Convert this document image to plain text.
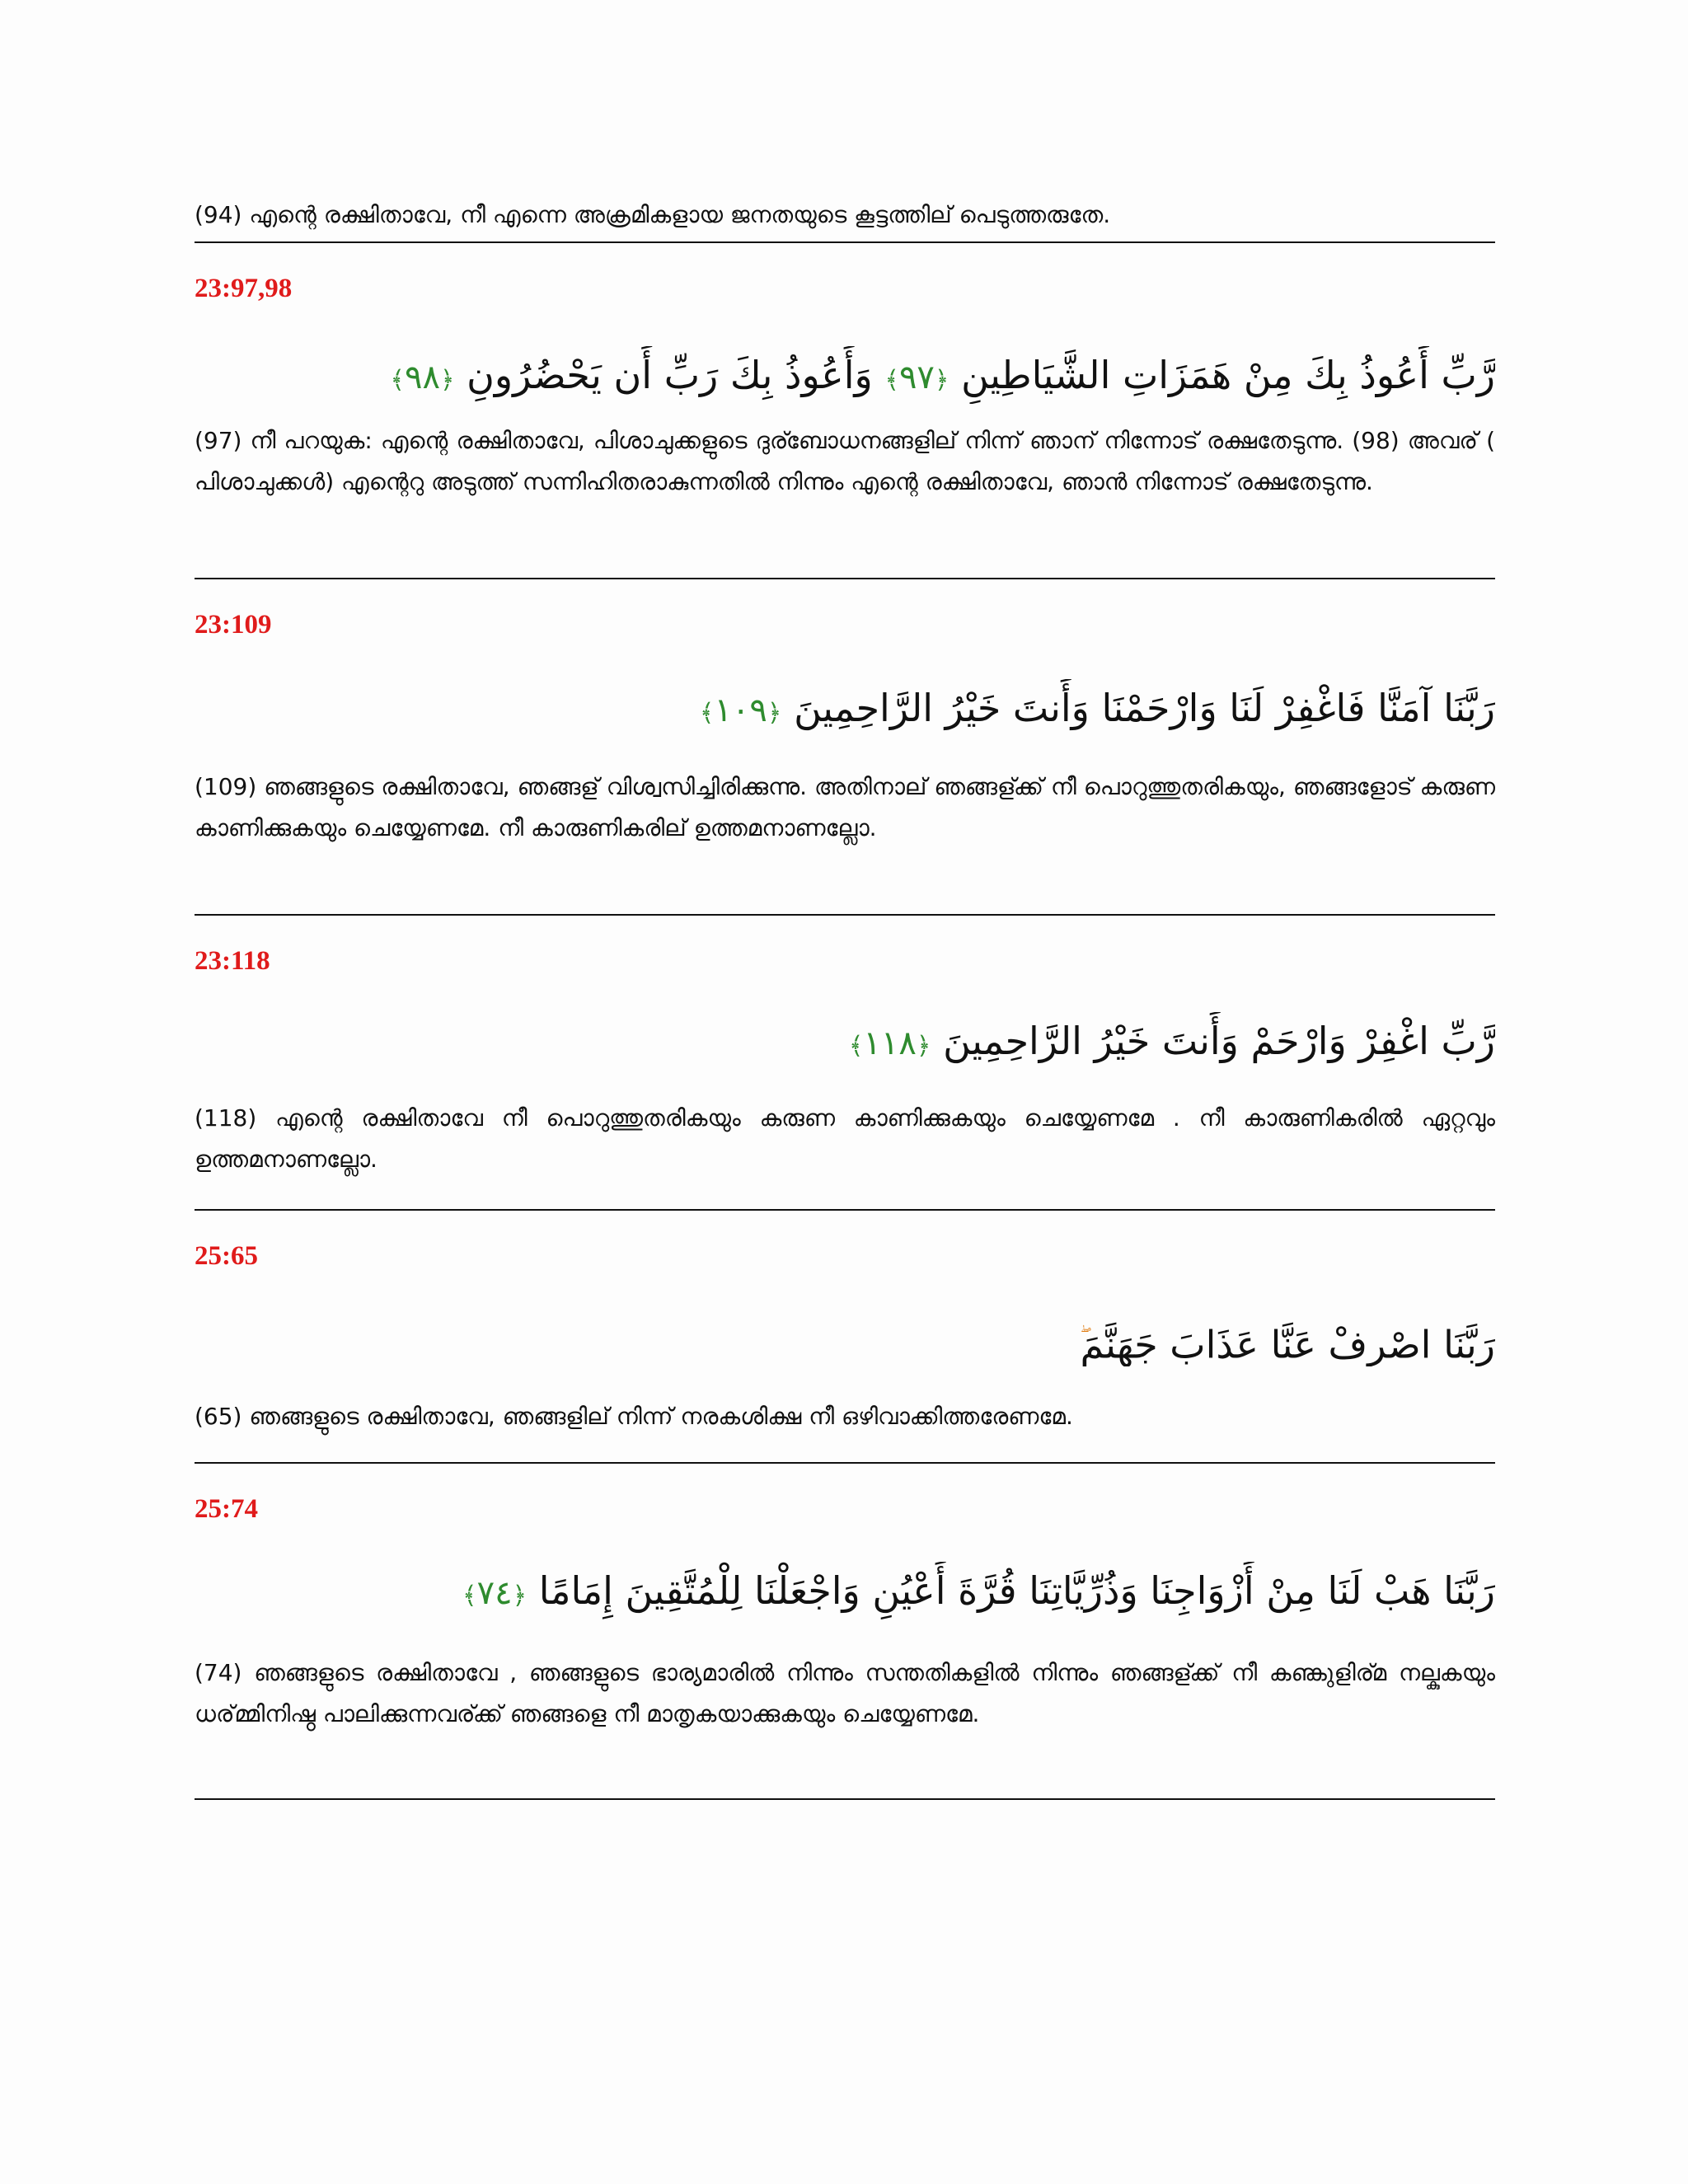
(94) എന്റെ രക്ഷിതാവേ, നീ എന്നെ അക്രമികളായ ജനതയുടെ കൂട്ടത്തില് പെടുത്തരുതേ.
23:97,98
رَّبِّ أَعُوذُ بِكَ مِنْ هَمَزَاتِ الشَّيَاطِينِ ﴿٩٧﴾ وَأَعُوذُ بِكَ رَبِّ أَن يَحْضُرُونِ ﴿٩٨﴾
(97) നീ പറയുക: എന്റെ രക്ഷിതാവേ, പിശാചുക്കളുടെ ദുര്ബോധനങ്ങളില് നിന്ന് ഞാന് നിന്നോട് രക്ഷതേടുന്നു. (98) അവര് ( പിശാചുക്കൾ) എന്റെറു അടുത്ത് സന്നിഹിതരാകുന്നതിൽ നിന്നും എന്റെ രക്ഷിതാവേ, ഞാൻ നിന്നോട് രക്ഷതേടുന്നു.
23:109
رَبَّنَا آمَنَّا فَاغْفِرْ لَنَا وَارْحَمْنَا وَأَنتَ خَيْرُ الرَّاحِمِينَ ﴿١٠٩﴾
(109) ഞങ്ങളുടെ രക്ഷിതാവേ, ഞങ്ങള് വിശ്വസിച്ചിരിക്കുന്നു. അതിനാല് ഞങ്ങള്ക്ക് നീ പൊറുത്തുതരികയും, ഞങ്ങളോട് കരുണ കാണിക്കുകയും ചെയ്യേണമേ. നീ കാരുണികരില് ഉത്തമനാണല്ലോ.
23:118
رَّبِّ اغْفِرْ وَارْحَمْ وَأَنتَ خَيْرُ الرَّاحِمِينَ ﴿١١٨﴾
(118) എന്റെ രക്ഷിതാവേ നീ പൊറുത്തുതരികയും കരുണ കാണിക്കുകയും ചെയ്യേണമേ . നീ കാരുണികരിൽ ഏറ്റവും ഉത്തമനാണല്ലോ.
25:65
رَبَّنَا اصْرِفْ عَنَّا عَذَابَ جَهَنَّمَ
(65) ഞങ്ങളുടെ രക്ഷിതാവേ, ഞങ്ങളില് നിന്ന് നരകശിക്ഷ നീ ഒഴിവാക്കിത്തരേണമേ.
25:74
رَبَّنَا هَبْ لَنَا مِنْ أَزْوَاجِنَا وَذُرِّيَّاتِنَا قُرَّةَ أَعْيُنٍ وَاجْعَلْنَا لِلْمُتَّقِينَ إِمَامًا ﴿٧٤﴾
(74) ഞങ്ങളുടെ രക്ഷിതാവേ , ഞങ്ങളുടെ ഭാര്യമാരിൽ നിന്നും സന്തതികളിൽ നിന്നും ഞങ്ങള്ക്ക് നീ കണ്കുളിര്മ നല്കുകയും ധര്മ്മിനിഷ്ഠ പാലിക്കുന്നവര്ക്ക് ഞങ്ങളെ നീ മാതൃകയാക്കുകയും ചെയ്യേണമേ.
